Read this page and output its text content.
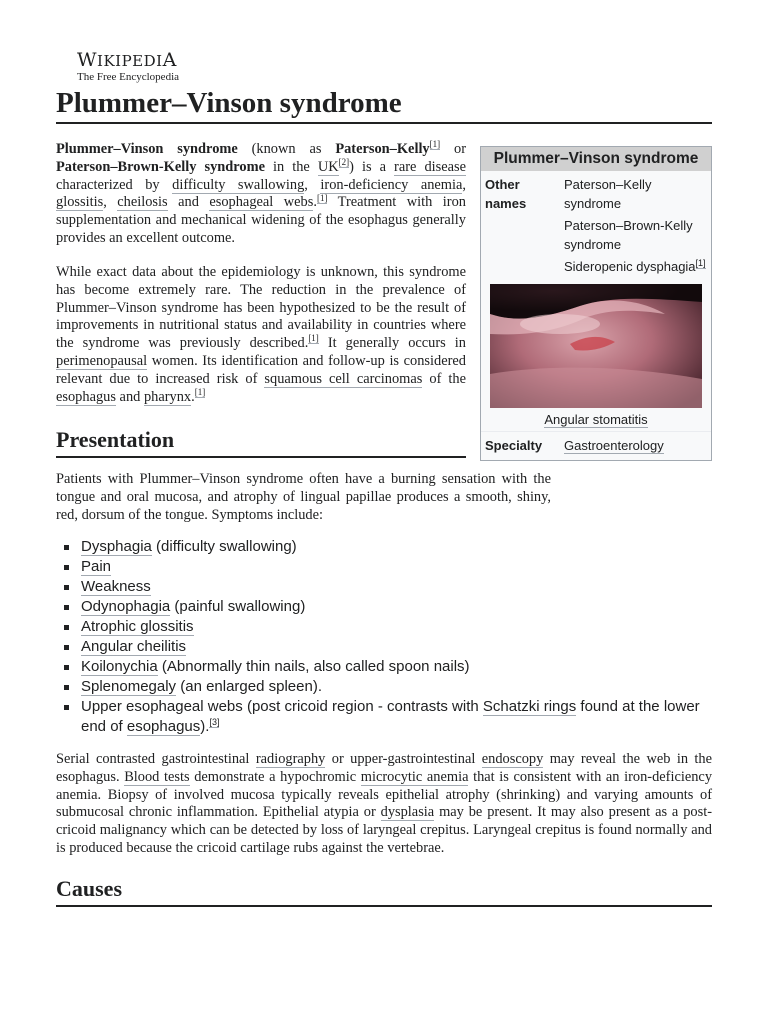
WIKIPEDIA
The Free Encyclopedia
Plummer–Vinson syndrome

Plummer–Vinson syndrome (known as Paterson–Kelly[1] or Paterson–Brown-Kelly syndrome in the UK[2]) is a rare disease characterized by difficulty swallowing, iron-deficiency anemia, glossitis, cheilosis and esophageal webs.[1] Treatment with iron supplementation and mechanical widening of the esophagus generally provides an excellent outcome.

While exact data about the epidemiology is unknown, this syndrome has become extremely rare. The reduction in the prevalence of Plummer–Vinson syndrome has been hypothesized to be the result of improvements in nutritional status and availability in countries where the syndrome was previously described.[1] It generally occurs in perimenopausal women. Its identification and follow-up is considered relevant due to increased risk of squamous cell carcinomas of the esophagus and pharynx.[1]

Presentation

Patients with Plummer–Vinson syndrome often have a burning sensation with the tongue and oral mucosa, and atrophy of lingual papillae produces a smooth, shiny, red, dorsum of the tongue. Symptoms include:

Dysphagia (difficulty swallowing)
Pain
Weakness
Odynophagia (painful swallowing)
Atrophic glossitis
Angular cheilitis
Koilonychia (Abnormally thin nails, also called spoon nails)
Splenomegaly (an enlarged spleen).
Upper esophageal webs (post cricoid region - contrasts with Schatzki rings found at the lower end of esophagus).[3]

Serial contrasted gastrointestinal radiography or upper-gastrointestinal endoscopy may reveal the web in the esophagus. Blood tests demonstrate a hypochromic microcytic anemia that is consistent with an iron-deficiency anemia. Biopsy of involved mucosa typically reveals epithelial atrophy (shrinking) and varying amounts of submucosal chronic inflammation. Epithelial atypia or dysplasia may be present. It may also present as a post-cricoid malignancy which can be detected by loss of laryngeal crepitus. Laryngeal crepitus is found normally and is produced because the cricoid cartilage rubs against the vertebrae.

Causes
Plummer–Vinson syndrome
Other names
Paterson–Kelly syndrome
Paterson–Brown-Kelly syndrome
Sideropenic dysphagia[1]
Angular stomatitis
Specialty	Gastroenterology
